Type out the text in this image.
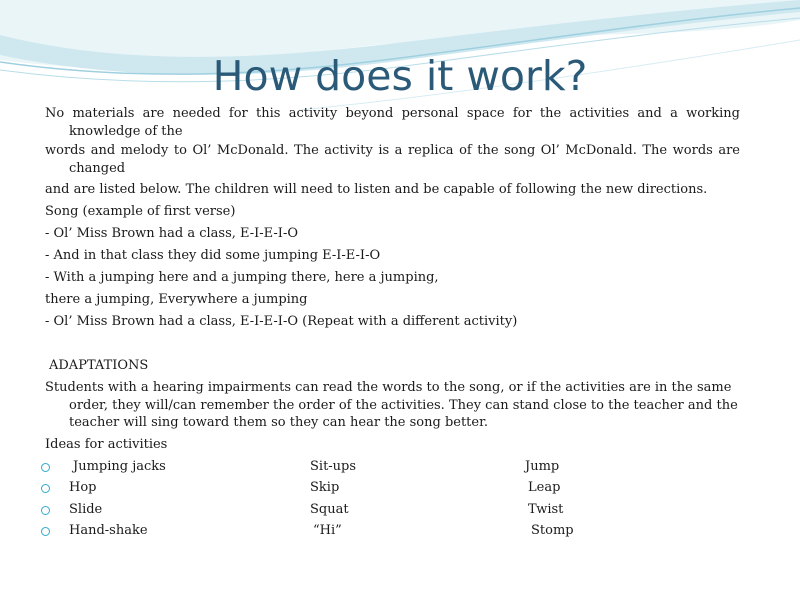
How does it work?

No materials are needed for this activity beyond personal space for the activities and a working knowledge of the

words and melody to Ol’ McDonald. The activity is a replica of the song Ol’ McDonald. The words are changed

and are listed below. The children will need to listen and be capable of following the new directions.

Song (example of first verse)

- Ol’ Miss Brown had a class, E-I-E-I-O

- And in that class they did some jumping E-I-E-I-O

- With a jumping here and a jumping there, here a jumping,

there a jumping, Everywhere a jumping

- Ol’ Miss Brown had a class, E-I-E-I-O (Repeat with a different activity)

ADAPTATIONS

Students with a hearing impairments can read the words to the song, or if the activities are in the same order, they will/can remember the order of the activities. They can stand close to the teacher and the teacher will sing toward them so they can hear the song better.

Ideas for activities

Jumping jacks	Sit-ups	Jump
Hop	Skip	Leap
Slide	Squat	Twist
Hand-shake	“Hi”	Stomp
